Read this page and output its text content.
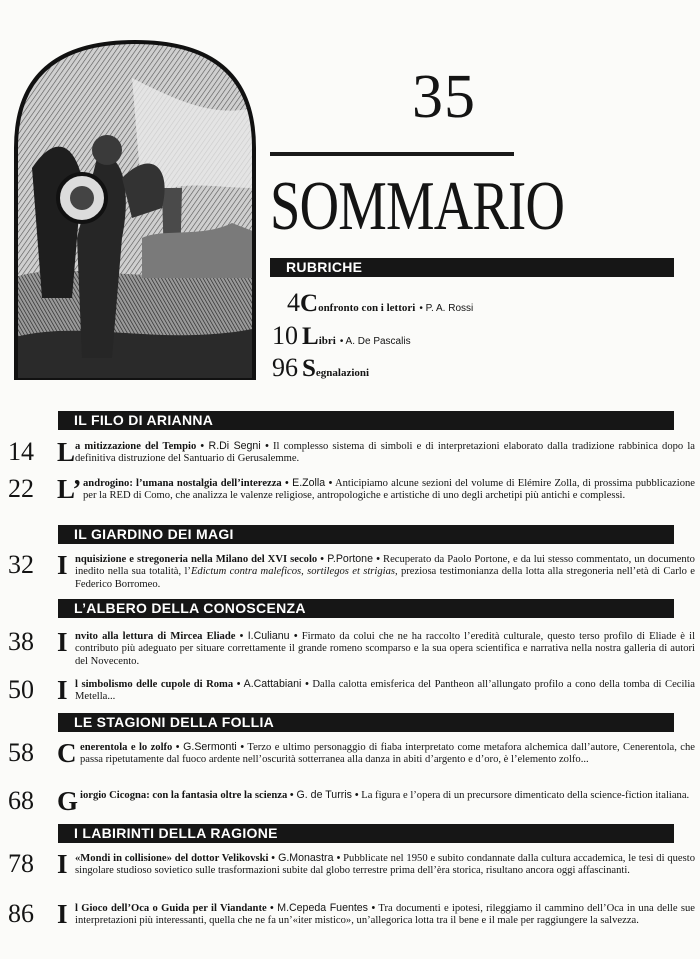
35
SOMMARIO
RUBRICHE
4Confronto con i lettori • P. A. Rossi
10 Libri • A. De Pascalis
96 Segnalazioni
IL FILO DI ARIANNA
14 L a mitizzazione del Tempio • R.Di Segni • Il complesso sistema di simboli e di interpretazioni elaborato dalla tradizione rabbinica dopo la definitiva distruzione del Santuario di Gerusalemme.

22 L’ androgino: l’umana nostalgia dell’interezza • E.Zolla • Anticipiamo alcune sezioni del volume di Elémire Zolla, di prossima pubblicazione per la RED di Como, che analizza le valenze religiose, antropologiche e artistiche di uno degli archetipi più antichi e complessi.

IL GIARDINO DEI MAGI
32 I nquisizione e stregoneria nella Milano del XVI secolo • P.Portone • Recuperato da Paolo Portone, e da lui stesso commentato, un documento inedito nella sua totalità, l’Edictum contra maleficos, sortilegos et strigias, preziosa testimonianza della lotta alla stregoneria nell’età di Carlo e Federico Borromeo.

L’ALBERO DELLA CONOSCENZA
38 I nvito alla lettura di Mircea Eliade • I.Culianu • Firmato da colui che ne ha raccolto l’eredità culturale, questo terso profilo di Eliade è il contributo più adeguato per situare correttamente il grande romeno scomparso e la sua opera scientifica e narrativa nella nostra galleria di autori del Novecento.

50 I l simbolismo delle cupole di Roma • A.Cattabiani • Dalla calotta emisferica del Pantheon all’allungato profilo a cono della tomba di Cecilia Metella...

LE STAGIONI DELLA FOLLIA
58 C enerentola e lo zolfo • G.Sermonti • Terzo e ultimo personaggio di fiaba interpretato come metafora alchemica dall’autore, Cenerentola, che passa ripetutamente dal fuoco ardente nell’oscurità sotterranea alla danza in abiti d’argento e d’oro, è l’elemento zolfo...

68 G iorgio Cicogna: con la fantasia oltre la scienza • G. de Turris • La figura e l’opera di un precursore dimenticato della science-fiction italiana.

I LABIRINTI DELLA RAGIONE
78 I «Mondi in collisione» del dottor Velikovski • G.Monastra • Pubblicate nel 1950 e subito condannate dalla cultura accademica, le tesi di questo singolare studioso sovietico sulle trasformazioni subite dal globo terrestre prima dell’èra storica, risultano ancora oggi affascinanti.

86 I l Gioco dell’Oca o Guida per il Viandante • M.Cepeda Fuentes • Tra documenti e ipotesi, rileggiamo il cammino dell’Oca in una delle sue interpretazioni più interessanti, quella che ne fa un’«iter mistico», un’allegorica lotta tra il bene e il male per raggiungere la salvezza.
